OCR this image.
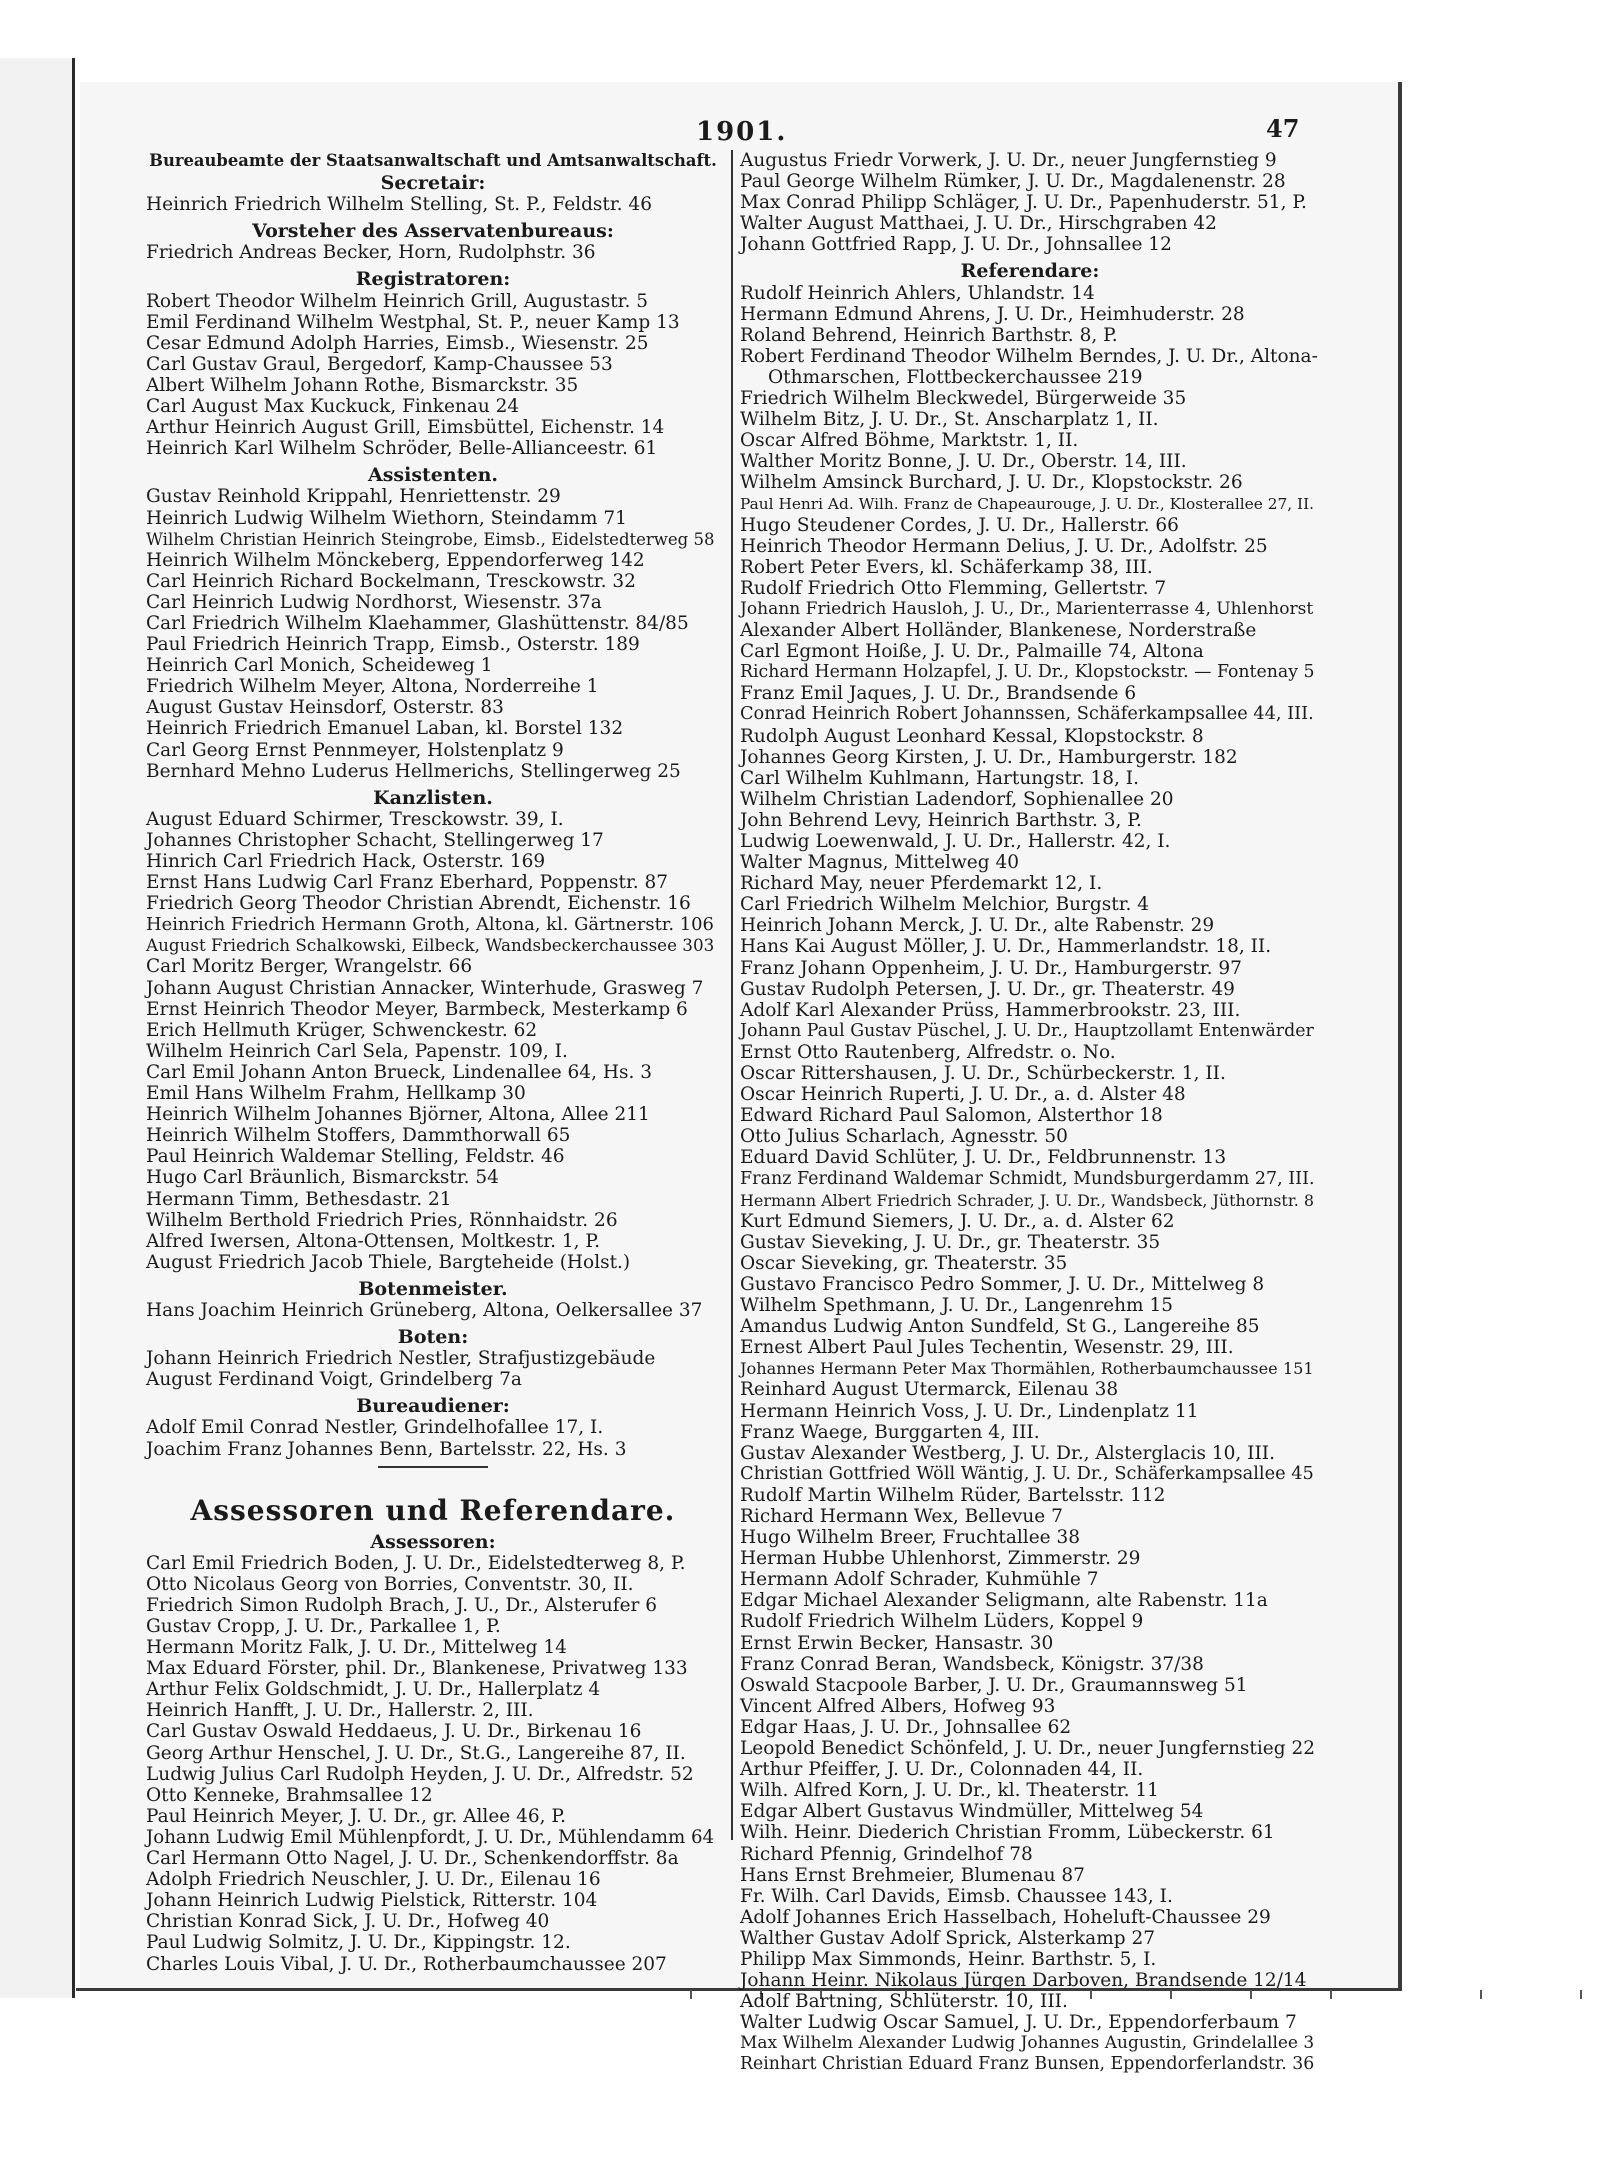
1901.	47

Bureaubeamte der Staatsanwaltschaft und Amtsanwaltschaft.

Secretair:

Heinrich Friedrich Wilhelm Stelling, St. P., Feldstr. 46

Vorsteher des Asservatenbureaus:

Friedrich Andreas Becker, Horn, Rudolphstr. 36

Registratoren:

Robert Theodor Wilhelm Heinrich Grill, Augustastr. 5

Emil Ferdinand Wilhelm Westphal, St. P., neuer Kamp 13

Cesar Edmund Adolph Harries, Eimsb., Wiesenstr. 25

Carl Gustav Graul, Bergedorf, Kamp-Chaussee 53

Albert Wilhelm Johann Rothe, Bismarckstr. 35

Carl August Max Kuckuck, Finkenau 24

Arthur Heinrich August Grill, Eimsbüttel, Eichenstr. 14

Heinrich Karl Wilhelm Schröder, Belle-Allianceestr. 61

Assistenten.

Gustav Reinhold Krippahl, Henriettenstr. 29

Heinrich Ludwig Wilhelm Wiethorn, Steindamm 71

Wilhelm Christian Heinrich Steingrobe, Eimsb., Eidelstedterweg 58

Heinrich Wilhelm Mönckeberg, Eppendorferweg 142

Carl Heinrich Richard Bockelmann, Tresckowstr. 32

Carl Heinrich Ludwig Nordhorst, Wiesenstr. 37a

Carl Friedrich Wilhelm Klaehammer, Glashüttenstr. 84/85

Paul Friedrich Heinrich Trapp, Eimsb., Osterstr. 189

Heinrich Carl Monich, Scheideweg 1

Friedrich Wilhelm Meyer, Altona, Norderreihe 1

August Gustav Heinsdorf, Osterstr. 83

Heinrich Friedrich Emanuel Laban, kl. Borstel 132

Carl Georg Ernst Pennmeyer, Holstenplatz 9

Bernhard Mehno Luderus Hellmerichs, Stellingerweg 25

Kanzlisten.

August Eduard Schirmer, Tresckowstr. 39, I.

Johannes Christopher Schacht, Stellingerweg 17

Hinrich Carl Friedrich Hack, Osterstr. 169

Ernst Hans Ludwig Carl Franz Eberhard, Poppenstr. 87

Friedrich Georg Theodor Christian Abrendt, Eichenstr. 16

Heinrich Friedrich Hermann Groth, Altona, kl. Gärtnerstr. 106

August Friedrich Schalkowski, Eilbeck, Wandsbeckerchaussee 303

Carl Moritz Berger, Wrangelstr. 66

Johann August Christian Annacker, Winterhude, Grasweg 7

Ernst Heinrich Theodor Meyer, Barmbeck, Mesterkamp 6

Erich Hellmuth Krüger, Schwenckestr. 62

Wilhelm Heinrich Carl Sela, Papenstr. 109, I.

Carl Emil Johann Anton Brueck, Lindenallee 64, Hs. 3

Emil Hans Wilhelm Frahm, Hellkamp 30

Heinrich Wilhelm Johannes Björner, Altona, Allee 211

Heinrich Wilhelm Stoffers, Dammthorwall 65

Paul Heinrich Waldemar Stelling, Feldstr. 46

Hugo Carl Bräunlich, Bismarckstr. 54

Hermann Timm, Bethesdastr. 21

Wilhelm Berthold Friedrich Pries, Rönnhaidstr. 26

Alfred Iwersen, Altona-Ottensen, Moltkestr. 1, P.

August Friedrich Jacob Thiele, Bargteheide (Holst.)

Botenmeister.

Hans Joachim Heinrich Grüneberg, Altona, Oelkersallee 37

Boten:

Johann Heinrich Friedrich Nestler, Strafjustizgebäude

August Ferdinand Voigt, Grindelberg 7a

Bureaudiener:

Adolf Emil Conrad Nestler, Grindelhofallee 17, I.

Joachim Franz Johannes Benn, Bartelsstr. 22, Hs. 3

Assessoren und Referendare.

Assessoren:

Carl Emil Friedrich Boden, J. U. Dr., Eidelstedterweg 8, P.

Otto Nicolaus Georg von Borries, Conventstr. 30, II.

Friedrich Simon Rudolph Brach, J. U., Dr., Alsterufer 6

Gustav Cropp, J. U. Dr., Parkallee 1, P.

Hermann Moritz Falk, J. U. Dr., Mittelweg 14

Max Eduard Förster, phil. Dr., Blankenese, Privatweg 133

Arthur Felix Goldschmidt, J. U. Dr., Hallerplatz 4

Heinrich Hanfft, J. U. Dr., Hallerstr. 2, III.

Carl Gustav Oswald Heddaeus, J. U. Dr., Birkenau 16

Georg Arthur Henschel, J. U. Dr., St.G., Langereihe 87, II.

Ludwig Julius Carl Rudolph Heyden, J. U. Dr., Alfredstr. 52

Otto Kenneke, Brahmsallee 12

Paul Heinrich Meyer, J. U. Dr., gr. Allee 46, P.

Johann Ludwig Emil Mühlenpfordt, J. U. Dr., Mühlendamm 64

Carl Hermann Otto Nagel, J. U. Dr., Schenkendorffstr. 8a

Adolph Friedrich Neuschler, J. U. Dr., Eilenau 16

Johann Heinrich Ludwig Pielstick, Ritterstr. 104

Christian Konrad Sick, J. U. Dr., Hofweg 40

Paul Ludwig Solmitz, J. U. Dr., Kippingstr. 12.

Charles Louis Vibal, J. U. Dr., Rotherbaumchaussee 207

Augustus Friedr Vorwerk, J. U. Dr., neuer Jungfernstieg 9

Paul George Wilhelm Rümker, J. U. Dr., Magdalenenstr. 28

Max Conrad Philipp Schläger, J. U. Dr., Papenhuderstr. 51, P.

Walter August Matthaei, J. U. Dr., Hirschgraben 42

Johann Gottfried Rapp, J. U. Dr., Johnsallee 12

Referendare:

Rudolf Heinrich Ahlers, Uhlandstr. 14

Hermann Edmund Ahrens, J. U. Dr., Heimhuderstr. 28

Roland Behrend, Heinrich Barthstr. 8, P.

Robert Ferdinand Theodor Wilhelm Berndes, J. U. Dr., Altona-

Othmarschen, Flottbeckerchaussee 219

Friedrich Wilhelm Bleckwedel, Bürgerweide 35

Wilhelm Bitz, J. U. Dr., St. Anscharplatz 1, II.

Oscar Alfred Böhme, Marktstr. 1, II.

Walther Moritz Bonne, J. U. Dr., Oberstr. 14, III.

Wilhelm Amsinck Burchard, J. U. Dr., Klopstockstr. 26

Paul Henri Ad. Wilh. Franz de Chapeaurouge, J. U. Dr., Klosterallee 27, II.

Hugo Steudener Cordes, J. U. Dr., Hallerstr. 66

Heinrich Theodor Hermann Delius, J. U. Dr., Adolfstr. 25

Robert Peter Evers, kl. Schäferkamp 38, III.

Rudolf Friedrich Otto Flemming, Gellertstr. 7

Johann Friedrich Hausloh, J. U., Dr., Marienterrasse 4, Uhlenhorst

Alexander Albert Holländer, Blankenese, Norderstraße

Carl Egmont Hoiße, J. U. Dr., Palmaille 74, Altona

Richard Hermann Holzapfel, J. U. Dr., Klopstockstr. — Fontenay 5

Franz Emil Jaques, J. U. Dr., Brandsende 6

Conrad Heinrich Robert Johannssen, Schäferkampsallee 44, III.

Rudolph August Leonhard Kessal, Klopstockstr. 8

Johannes Georg Kirsten, J. U. Dr., Hamburgerstr. 182

Carl Wilhelm Kuhlmann, Hartungstr. 18, I.

Wilhelm Christian Ladendorf, Sophienallee 20

John Behrend Levy, Heinrich Barthstr. 3, P.

Ludwig Loewenwald, J. U. Dr., Hallerstr. 42, I.

Walter Magnus, Mittelweg 40

Richard May, neuer Pferdemarkt 12, I.

Carl Friedrich Wilhelm Melchior, Burgstr. 4

Heinrich Johann Merck, J. U. Dr., alte Rabenstr. 29

Hans Kai August Möller, J. U. Dr., Hammerlandstr. 18, II.

Franz Johann Oppenheim, J. U. Dr., Hamburgerstr. 97

Gustav Rudolph Petersen, J. U. Dr., gr. Theaterstr. 49

Adolf Karl Alexander Prüss, Hammerbrookstr. 23, III.

Johann Paul Gustav Püschel, J. U. Dr., Hauptzollamt Entenwärder

Ernst Otto Rautenberg, Alfredstr. o. No.

Oscar Rittershausen, J. U. Dr., Schürbeckerstr. 1, II.

Oscar Heinrich Ruperti, J. U. Dr., a. d. Alster 48

Edward Richard Paul Salomon, Alsterthor 18

Otto Julius Scharlach, Agnesstr. 50

Eduard David Schlüter, J. U. Dr., Feldbrunnenstr. 13

Franz Ferdinand Waldemar Schmidt, Mundsburgerdamm 27, III.

Hermann Albert Friedrich Schrader, J. U. Dr., Wandsbeck, Jüthornstr. 8

Kurt Edmund Siemers, J. U. Dr., a. d. Alster 62

Gustav Sieveking, J. U. Dr., gr. Theaterstr. 35

Oscar Sieveking, gr. Theaterstr. 35

Gustavo Francisco Pedro Sommer, J. U. Dr., Mittelweg 8

Wilhelm Spethmann, J. U. Dr., Langenrehm 15

Amandus Ludwig Anton Sundfeld, St G., Langereihe 85

Ernest Albert Paul Jules Techentin, Wesenstr. 29, III.

Johannes Hermann Peter Max Thormählen, Rotherbaumchaussee 151

Reinhard August Utermarck, Eilenau 38

Hermann Heinrich Voss, J. U. Dr., Lindenplatz 11

Franz Waege, Burggarten 4, III.

Gustav Alexander Westberg, J. U. Dr., Alsterglacis 10, III.

Christian Gottfried Wöll Wäntig, J. U. Dr., Schäferkampsallee 45

Rudolf Martin Wilhelm Rüder, Bartelsstr. 112

Richard Hermann Wex, Bellevue 7

Hugo Wilhelm Breer, Fruchtallee 38

Herman Hubbe Uhlenhorst, Zimmerstr. 29

Hermann Adolf Schrader, Kuhmühle 7

Edgar Michael Alexander Seligmann, alte Rabenstr. 11a

Rudolf Friedrich Wilhelm Lüders, Koppel 9

Ernst Erwin Becker, Hansastr. 30

Franz Conrad Beran, Wandsbeck, Königstr. 37/38

Oswald Stacpoole Barber, J. U. Dr., Graumannsweg 51

Vincent Alfred Albers, Hofweg 93

Edgar Haas, J. U. Dr., Johnsallee 62

Leopold Benedict Schönfeld, J. U. Dr., neuer Jungfernstieg 22

Arthur Pfeiffer, J. U. Dr., Colonnaden 44, II.

Wilh. Alfred Korn, J. U. Dr., kl. Theaterstr. 11

Edgar Albert Gustavus Windmüller, Mittelweg 54

Wilh. Heinr. Diederich Christian Fromm, Lübeckerstr. 61

Richard Pfennig, Grindelhof 78

Hans Ernst Brehmeier, Blumenau 87

Fr. Wilh. Carl Davids, Eimsb. Chaussee 143, I.

Adolf Johannes Erich Hasselbach, Hoheluft-Chaussee 29

Walther Gustav Adolf Sprick, Alsterkamp 27

Philipp Max Simmonds, Heinr. Barthstr. 5, I.

Johann Heinr. Nikolaus Jürgen Darboven, Brandsende 12/14

Adolf Bartning, Schlüterstr. 10, III.

Walter Ludwig Oscar Samuel, J. U. Dr., Eppendorferbaum 7

Max Wilhelm Alexander Ludwig Johannes Augustin, Grindelallee 3

Reinhart Christian Eduard Franz Bunsen, Eppendorferlandstr. 36
